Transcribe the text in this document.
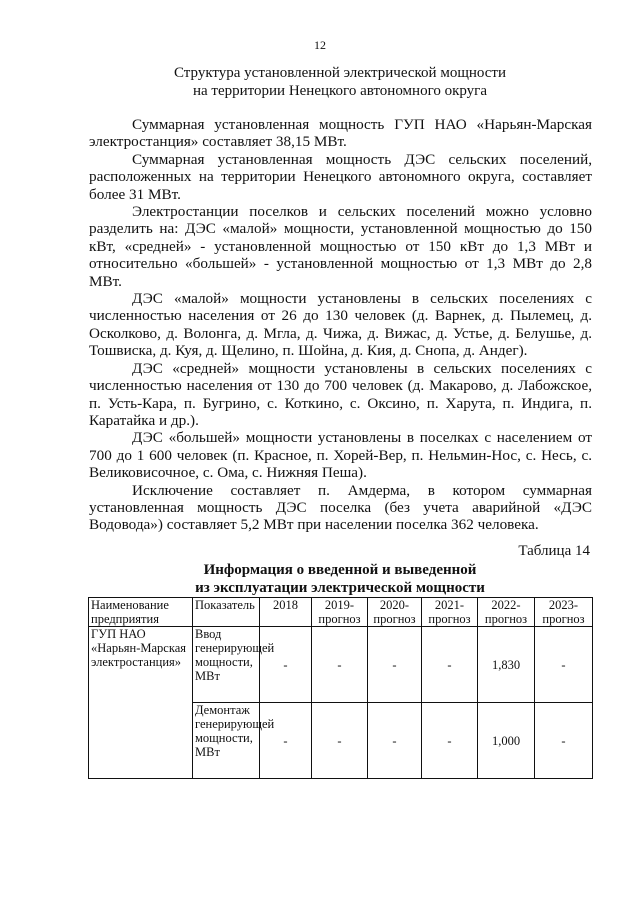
12
Структура установленной электрической мощности
на территории Ненецкого автономного округа

Суммарная установленная мощность ГУП НАО «Нарьян-Марская электростанция» составляет 38,15 МВт.

Суммарная установленная мощность ДЭС сельских поселений, расположенных на территории Ненецкого автономного округа, составляет более 31 МВт.

Электростанции поселков и сельских поселений можно условно разделить на: ДЭС «малой» мощности, установленной мощностью до 150 кВт, «средней» - установленной мощностью от 150 кВт до 1,3 МВт и относительно «большей» - установленной мощностью от 1,3 МВт до 2,8 МВт.

ДЭС «малой» мощности установлены в сельских поселениях с численностью населения от 26 до 130 человек (д. Варнек, д. Пылемец, д. Осколково, д. Волонга, д. Мгла, д. Чижа, д. Вижас, д. Устье, д. Белушье, д. Тошвиска, д. Куя, д. Щелино, п. Шойна, д. Кия, д. Снопа, д. Андег).

ДЭС «средней» мощности установлены в сельских поселениях с численностью населения от 130 до 700 человек (д. Макарово, д. Лабожское, п. Усть-Кара, п. Бугрино, с. Коткино, с. Оксино, п. Харута, п. Индига, п. Каратайка и др.).

ДЭС «большей» мощности установлены в поселках с населением от 700 до 1 600 человек (п. Красное, п. Хорей-Вер, п. Нельмин-Нос, с. Несь, с. Великовисочное, с. Ома, с. Нижняя Пеша).

Исключение составляет п. Амдерма, в котором суммарная установленная мощность ДЭС поселка (без учета аварийной «ДЭС Водовода») составляет 5,2 МВт при населении поселка 362 человека.

Таблица 14
Информация о введенной и выведенной
из эксплуатации электрической мощности
Наименование предприятия	Показатель	2018	2019-прогноз	2020-прогноз	2021-прогноз	2022-прогноз	2023-прогноз
ГУП НАО «Нарьян-Марская электростанция»	Ввод генерирующей мощности, МВт	-	-	-	-	1,830	-
	Демонтаж генерирующей мощности, МВт	-	-	-	-	1,000	-
